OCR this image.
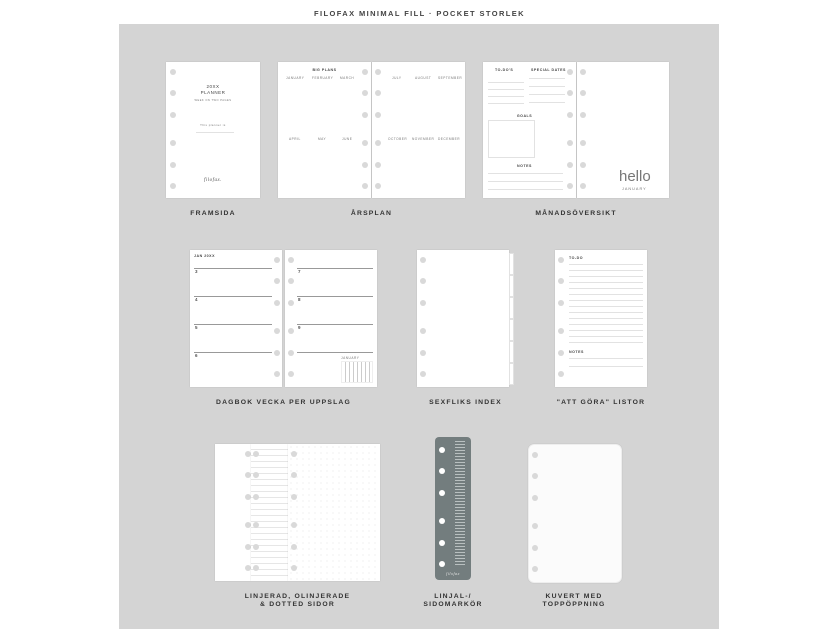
FILOFAX MINIMAL FILL · POCKET STORLEK
20XX
PLANNER
WEEK ON TWO PAGES
This planner is
filofax.
FRAMSIDA
BIG PLANS
JANUARY FEBRUARY MARCH
APRIL	MAY	JUNE
JULY	AUGUST SEPTEMBER
OCTOBER NOVEMBER DECEMBER
ÅRSPLAN
TO-DO'S	SPECIAL DATES
GOALS
NOTES
hello
JANUARY
MÅNADSÖVERSIKT
JAN 20XX
3
4
5
6
7
8
9
JANUARY
DAGBOK VECKA PER UPPSLAG	SEXFLIKS INDEX
TO-DO
NOTES
"ATT GÖRA" LISTOR
LINJERAD, OLINJERADE
& DOTTED SIDOR
filofax
LINJAL-/
SIDOMARKÖR
KUVERT MED
TOPPÖPPNING
